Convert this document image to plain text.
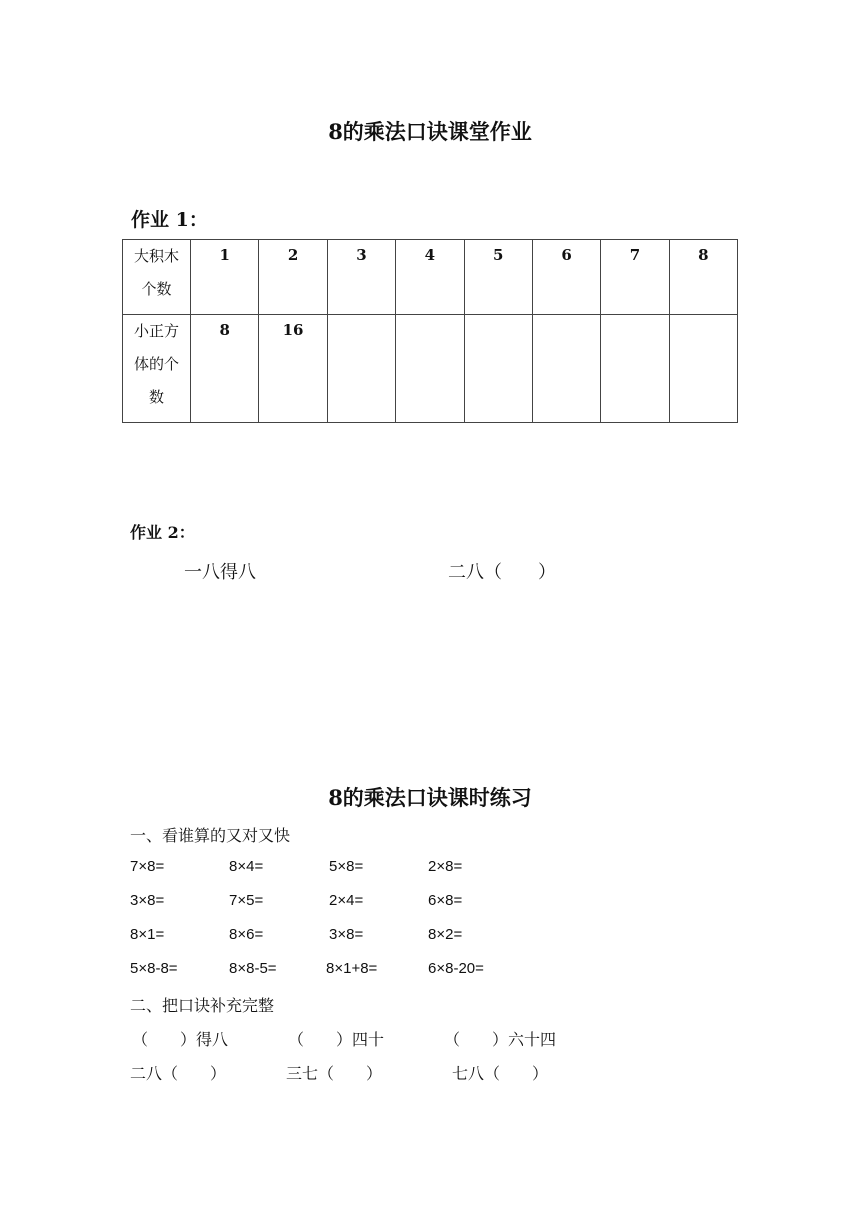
8的乘法口诀课堂作业
作业 1：
大积木
个数	1	2	3	4	5	6	7	8

小正方
体的个
数	8	16						
作业 2：
一八得八	二八（　　）
8的乘法口诀课时练习
一、看谁算的又对又快
7×8=	8×4=	5×8=	2×8=
3×8=	7×5=	2×4=	6×8=
8×1=	8×6=	3×8=	8×2=
5×8-8=	8×8-5=	8×1+8=	6×8-20=
二、把口诀补充完整
（　　）得八	（　　）四十	（　　）六十四
二八（　　）	三七（　　）	七八（　　）
